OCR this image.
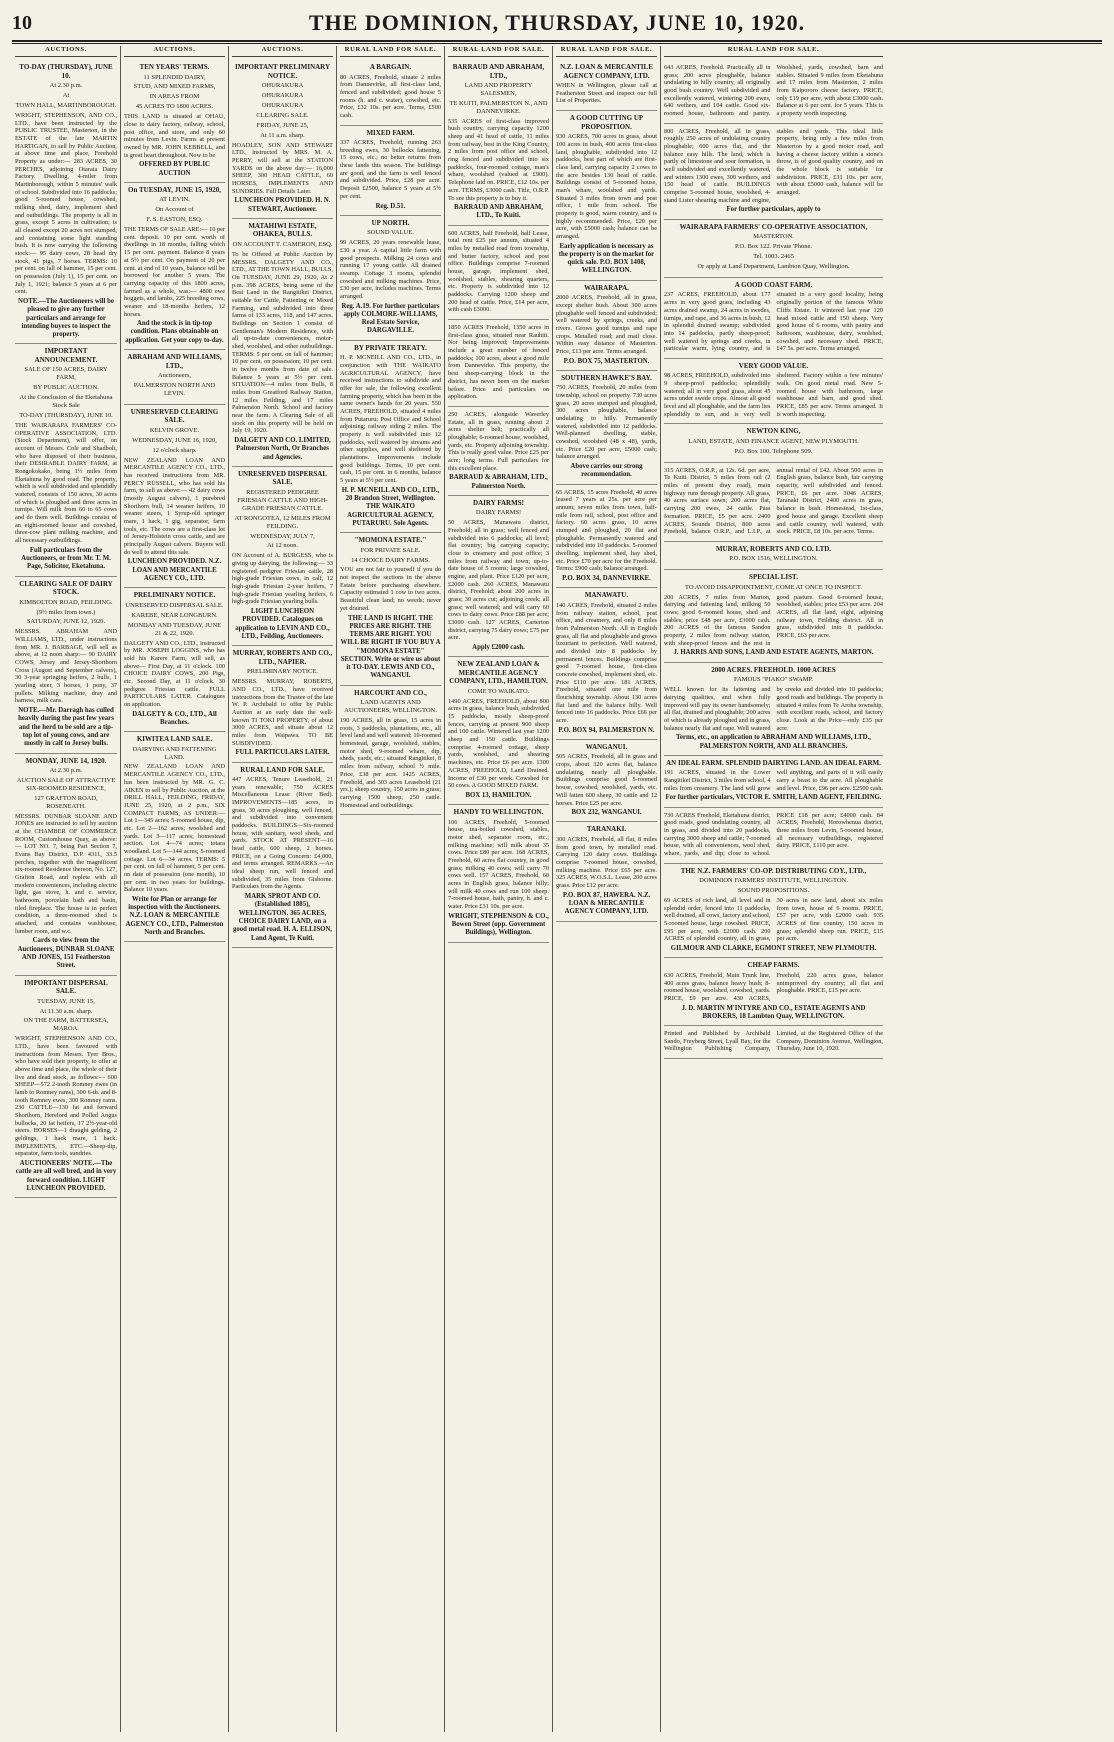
10	THE DOMINION, THURSDAY, JUNE 10, 1920.
AUCTIONS.
TO-DAY (THURSDAY), JUNE 10.
At 2.30 p.m.
At
TOWN HALL, MARTINBOROUGH.

WRIGHT, STEPHENSON, AND CO., LTD., have been instructed by the PUBLIC TRUSTEE, Masterton, in the ESTATE of the late MARTIN HARTIGAN, to sell by Public Auction, at above time and place, Freehold Property as under:— 283 ACRES, 30 PERCHES, adjoining Otaraia Dairy Factory. Dwelling, 4-miler from Martinborough, within 5 minutes' walk of school. Subdivided into 16 paddocks; good 5-roomed house, cowshed, milking shed, dairy, implement shed and outbuildings. The property is all in grass, except 5 acres in cultivation; is all cleared except 20 acres not stumped, and containing some light standing bush. It is now carrying the following stock:— 95 dairy cows, 28 head dry stock, 41 pigs, 7 horses. TERMS: 10 per cent. on fall of hammer, 15 per cent. on possession (July 1), 15 per cent. on July 1, 1921; balance 5 years at 6 per cent.

NOTE.—The Auctioneers will be pleased to give any further particulars and arrange for intending buyers to inspect the property.
IMPORTANT ANNOUNCEMENT.
SALE OF 150 ACRES, DAIRY FARM,
BY PUBLIC AUCTION.
At the Conclusion of the Eketahuna Stock Sale
TO-DAY (THURSDAY), JUNE 10.

THE WAIRARAPA FARMERS' CO-OPERATIVE ASSOCIATION, LTD. (Stock Department), will offer, on account of Messrs. Cole and Shadbolt, who have disposed of their business, their DESIRABLE DAIRY FARM, at Rongokokako, being 1½ miles from Eketahuna by good road. The property, which is well subdivided and splendidly watered, consists of 150 acres, 30 acres of which is ploughed and three acres in turnips. Will milk from 60 to 65 cows and do them well. Buildings consist of an eight-roomed house and cowshed, three-cow plant milking machine, and all necessary outbuildings.

Full particulars from the Auctioneers, or from Mr. T. M. Page, Solicitor, Eketahuna.
CLEARING SALE OF DAIRY STOCK.
KIMBOLTON ROAD, FEILDING.
(9½ miles from town.)
SATURDAY, JUNE 12, 1920.

MESSRS. ABRAHAM AND WILLIAMS, LTD., under instructions from MR. J. BARBAGE, will sell as above, at 12 noon sharp:— 90 DAIRY COWS, Jersey and Jersey-Shorthorn Cross (August and September calvers), 30 3-year springing heifers, 2 bulls, 1 yearling steer, 3 horses, 1 pony, 37 pullets. Milking machine, dray and harness, milk cans.

NOTE.—Mr. Darragh has culled heavily during the past few years and the herd to be sold are a tip-top lot of young cows, and are mostly in calf to Jersey bulls.
MONDAY, JUNE 14, 1920.
At 2.30 p.m.
AUCTION SALE OF ATTRACTIVE SIX-ROOMED RESIDENCE,
127 GRAFTON ROAD, ROSENEATH.

MESSRS. DUNBAR SLOANE AND JONES are instructed to sell by auction at the CHAMBER OF COMMERCE ROOM, Customhouse Quay, as above:— LOT NO. 7, being Part Section 7, Evans Bay District, D.P. 4311, 33.5 perches, together with the magnificent six-roomed Residence thereon, No. 127, Grafton Road, and replete with all modern conveniences, including electric light, gas stove, h. and c. service, bathroom, porcelain bath and basin, tiled fireplace. The house is in perfect condition, a three-roomed shed is attached, and contains washhouse, lumber room, and w.c.

Cards to view from the Auctioneers, DUNBAR SLOANE AND JONES, 151 Featherston Street.
IMPORTANT DISPERSAL SALE.
TUESDAY, JUNE 15,
At 11.30 a.m. sharp.
ON THE FARM, BATTERSEA, MAROA.

WRIGHT, STEPHENSON AND CO., LTD., have been favoured with instructions from Messrs. Tyer Bros., who have sold their property, to offer at above time and place, the whole of their live and dead stock, as follows:— 600 SHEEP—572 2-tooth Romney ewes (in lamb to Romney rams), 300 6-th. and 8-tooth Romney ewes, 300 Romney rams. 230 CATTLE—130 fat and forward Shorthorn, Hereford and Polled Angus bullocks, 20 fat heifers, 17 2½-year-old steers. HORSES—1 draught gelding, 2 geldings, 1 hack mare, 1 hack. IMPLEMENTS, ETC.—Sheep-dip, separator, farm tools, sundries.

AUCTIONEERS' NOTE.—The cattle are all well bred, and in very forward condition. LIGHT LUNCHEON PROVIDED.
AUCTIONS.
TEN YEARS' TERMS.
11 SPLENDID DAIRY,
STUD, AND MIXED FARMS,
IN AREAS FROM
45 ACRES TO 1800 ACRES.

THIS LAND is situated at OHAU, close to dairy factory, railway, school, post office, and store, and only 60 minutes from Levin. Farms at present owned by MR. JOHN KEBBELL, and is great heart throughout. Now to be

OFFERED BY PUBLIC AUCTION
On TUESDAY, JUNE 15, 1920,
AT LEVIN.
On Account of
F. S. EASTON, ESQ.

THE TERMS OF SALE ARE:— 10 per cent. deposit. 10 per cent. worth of dwellings in 18 months, falling which 15 per cent. payment. Balance 8 years at 5½ per cent. On payment of 20 per cent. at end of 10 years, balance will be borrowed for another 5 years. The carrying capacity of this 1800 acres, farmed as a whole, was:— 4800 ewe hoggets, and lambs, 225 breeding cows, weaner and 18-months heifers, 12 horses.

And the stock is in tip-top condition. Plans obtainable on application. Get your copy to-day.
ABRAHAM AND WILLIAMS, LTD.,
Auctioneers,
PALMERSTON NORTH AND LEVIN.
UNRESERVED CLEARING SALE.
KELVIN GROVE.
WEDNESDAY, JUNE 16, 1920,
12 o'clock sharp.

NEW ZEALAND LOAN AND MERCANTILE AGENCY CO., LTD., has received instructions from MR. PERCY RUSSELL, who has sold his farm, to sell as above:— 42 dairy cows (mostly August calvers), 1 purebred Shorthorn bull, 14 weaner heifers, 10 weaner steers, 1 Syrup-old springer mare, 1 hack, 1 gig, separator, farm tools, etc. The cows are a first-class lot of Jersey-Holstein cross cattle, and are principally August calvers. Buyers will do well to attend this sale.

LUNCHEON PROVIDED. N.Z. LOAN AND MERCANTILE AGENCY CO., LTD.
PRELIMINARY NOTICE.
UNRESERVED DISPERSAL SALE.
KAREBE, NEAR LONGBURN.
MONDAY AND TUESDAY, JUNE 21 & 22, 1920.

DALGETY AND CO., LTD., instructed by MR. JOSEPH LOGGINS, who has sold his Karere Farm, will sell, as above— First Day, at 11 o'clock. 100 CHOICE DAIRY COWS, 200 Pigs, etc. Second Day, at 11 o'clock. 30 pedigree Friesian cattle. FULL PARTICULARS LATER. Catalogues on application.

DALGETY & CO., LTD., All Branches.
KIWITEA LAND SALE.
DAIRYING AND FATTENING LAND.

NEW ZEALAND LOAN AND MERCANTILE AGENCY CO., LTD., has been instructed by MR. G. C. AIKEN to sell by Public Auction, at the DRILL HALL, FEILDING, FRIDAY, JUNE 25, 1920, at 2 p.m., SIX COMPACT FARMS, AS UNDER:— Lot 1—345 acres; 5-roomed house, dip, etc. Lot 2—162 acres; woolshed and yards. Lot 3—117 acres; homestead section. Lot 4—74 acres; totara woodland. Lot 5—144 acres; 5-roomed cottage. Lot 6—34 acres. TERMS: 5 per cent. on fall of hammer, 5 per cent. on date of possession (one month), 10 per cent. in two years for buildings. Balance 10 years.

Write for Plan or arrange for inspection with the Auctioneers. N.Z. LOAN & MERCANTILE AGENCY CO., LTD., Palmerston North and Branches.
AUCTIONS.
IMPORTANT PRELIMINARY NOTICE.
OHURAKURA
OHURAKURA
OHURAKURA
CLEARING SALE.
FRIDAY, JUNE 25,
At 11 a.m. sharp.

HOADLEY, SON AND STEWART LTD., instructed by MRS. M. A. PERRY, will sell at the STATION YARDS on the above day:— 16,000 SHEEP, 300 HEAD CATTLE, 60 HORSES, IMPLEMENTS AND SUNDRIES. Full Details Later.

LUNCHEON PROVIDED. H. N. STEWART, Auctioneer.
MATAHIWI ESTATE, OHAKEA, BULLS.
ON ACCOUNT T. CAMERON, ESQ.

To be Offered at Public Auction by MESSRS. DALGETY AND CO., LTD., AT THE TOWN HALL, BULLS, On TUESDAY, JUNE 29, 1920, At 2 p.m. 398 ACRES, being some of the Best Land in the Rangitikei District, suitable for Cattle, Fattening or Mixed Farming, and subdivided into three farms of 133 acres, 118, and 147 acres. Buildings on Section 1 consist of Gentleman's Modern Residence, with all up-to-date conveniences, motor-shed, woolshed, and other outbuildings. TERMS: 5 per cent. on fall of hammer; 10 per cent. on possession; 10 per cent. in twelve months from date of sale. Balance 5 years at 5½ per cent. SITUATION—4 miles from Bulls, 8 miles from Greatford Railway Station, 12 miles Feilding, and 17 miles Palmerston North. School and factory near the farm. A Clearing Sale of all stock on this property will be held on July 19, 1920.

DALGETY AND CO. LIMITED, Palmerston North, Or Branches and Agencies.
UNRESERVED DISPERSAL SALE.
REGISTERED PEDIGREE FRIESIAN CATTLE AND HIGH-GRADE FRIESIAN CATTLE.
AT RONGOTEA, 12 MILES FROM FEILDING.
WEDNESDAY, JULY 7,
At 12 noon.

ON Account of A. BURGESS, who is giving up dairying, the following:— 33 registered pedigree Friesian cattle, 28 high-grade Friesian cows, in calf, 12 high-grade Friesian 2-year heifers, 7 high-grade Friesian yearling heifers, 6 high-grade Friesian yearling bulls.

LIGHT LUNCHEON PROVIDED. Catalogues on application to LEVIN AND CO., LTD., Feilding, Auctioneers.
MURRAY, ROBERTS AND CO., LTD., NAPIER.
PRELIMINARY NOTICE.

MESSRS. MURRAY, ROBERTS, AND CO., LTD., have received instructions from the Trustee of the late W. P. Archibald to offer by Public Auction at an early date the well-known TI TOKI PROPERTY, of about 3000 ACRES, and situate about 12 miles from Waipawa. TO BE SUBDIVIDED.

FULL PARTICULARS LATER.
RURAL LAND FOR SALE.

447 ACRES, Tenure Leasehold, 21 years renewable; 750 ACRES Miscellaneous Lease (River Bed). IMPROVEMENTS—185 acres, in grass, 30 acres ploughing, well fenced, and subdivided into convenient paddocks. BUILDINGS—Six-roomed house, with sanitary, wool sheds, and yards. STOCK AT PRESENT—16 head cattle, 600 sheep, 2 horses. PRICE, on a Going Concern: £4,000, and terms arranged. REMARKS.—An ideal sheep run, well fenced and subdivided, 35 miles from Gisborne. Particulars from the Agents.

MARK SPROT AND CO. (Established 1885), WELLINGTON. 365 ACRES, CHOICE DAIRY LAND, on a good metal road. H. A. ELLISON, Land Agent, Te Kuiti.
RURAL LAND FOR SALE.
A BARGAIN.

80 ACRES, Freehold, situate 2 miles from Dannevirke, all first-class land, fenced and subdivided; good house 5 rooms (h. and c. water), cowshed, etc. Price, £32 10s. per acre. Terms, £500 cash.

MIXED FARM.

337 ACRES, Freehold, running 263 breeding ewes, 30 bullocks fattening, 15 cows, etc.; no better returns from these lands this season. The buildings are good, and the farm is well fenced and subdivided. Price, £28 per acre. Deposit £2500, balance 5 years at 5½ per cent.

Reg. D.51.
UP NORTH.
SOUND VALUE.

99 ACRES, 20 years renewable lease, £30 a year. A capital little farm with good prospects. Milking 24 cows and running 17 young cattle. All drained swamp. Cottage 3 rooms, splendid cowshed and milking machines. Price, £30 per acre, includes machines. Terms arranged.

Reg. A.19. For further particulars apply COLMORE-WILLIAMS, Real Estate Service, DARGAVILLE.
BY PRIVATE TREATY.

H. P. MCNEILL AND CO., LTD., in conjunction with THE WAIKATO AGRICULTURAL AGENCY, have received instructions to subdivide and offer for sale, the following excellent farming property, which has been in the same owner's hands for 20 years. 550 ACRES, FREEHOLD, situated 4 miles from Putaruru; Post Office and School adjoining; railway siding 2 miles. The property is well subdivided into 12 paddocks, well watered by streams and other supplies, and well sheltered by plantations. Improvements include good buildings. Terms, 10 per cent. cash, 15 per cent. in 6 months, balance 5 years at 5½ per cent.

H. P. MCNEILL AND CO., LTD., 20 Brandon Street, Wellington. THE WAIKATO AGRICULTURAL AGENCY, PUTARURU. Sole Agents.
"MOMONA ESTATE."
FOR PRIVATE SALE.
14 CHOICE DAIRY FARMS.

YOU are not fair to yourself if you do not inspect the sections in the above Estate before purchasing elsewhere. Capacity estimated 1 cow to two acres. Beautiful clean land; no weeds; never yet drained.

THE LAND IS RIGHT. THE PRICES ARE RIGHT. THE TERMS ARE RIGHT. YOU WILL BE RIGHT IF YOU BUY A "MOMONA ESTATE" SECTION. Write or wire us about it TO-DAY. LEWIS AND CO., WANGANUI.
HARCOURT AND CO.,
LAND AGENTS AND AUCTIONEERS, WELLINGTON.

190 ACRES, all in grass, 15 acres in roots, 3 paddocks, plantations, etc., all level land and well watered; 10-roomed homestead, garage, woolshed, stables, motor shed, 9-roomed whare, dip, sheds, yards, etc.; situated Rangitikei, 8 miles from railway, school ½ mile. Price, £38 per acre. 1425 ACRES, Freehold, and 303 acres Leasehold (21 yrs.); sheep country, 150 acres in grass; carrying 1500 sheep, 250 cattle. Homestead and outbuildings.

RURAL LAND FOR SALE.
BARRAUD AND ABRAHAM, LTD.,
LAND AND PROPERTY SALESMEN,
TE KUITI, PALMERSTON N., AND DANNEVIRKE.

535 ACRES of first-class improved bush country, carrying capacity 1200 sheep and 41 head of cattle, 11 miles from railway, best in the King Country, 2 miles from post office and school, ring fenced and subdivided into six paddocks, four-roomed cottage, man's whare, woolshed (valued at £900). Telephone laid on. PRICE, £12 10s. per acre. TERMS, £3000 cash. Title, O.R.P. To see this property is to buy it.

BARRAUD AND ABRAHAM, LTD., To Kuiti.

600 ACRES, half Freehold, half Lease, total rent £25 per annum, situated 4 miles by metalled road from township, and butter factory, school and post office. Buildings comprise 7-roomed house, garage, implement shed, woolshed, stables, shearing quarters, etc. Property is subdivided into 12 paddocks. Carrying 1200 sheep and 200 head of cattle. Price, £14 per acre, with cash £3000.

1850 ACRES Freehold, 1350 acres in first-class grass, situated near Rauhiti. Nor being improved; Improvements include a great number of fenced paddocks; 100 acres, about a good mile from Dannevirke. This property, the best sheep-carrying block in the district, has never been on the market before. Price and particulars on application.

250 ACRES, alongside Waverley Estate, all in grass, running about 2 acres shelter belt; practically all ploughable; 6-roomed house, woolshed, yards, etc. Property adjoining township. This is really good value. Price £25 per acre; long terms. Full particulars for this excellent place.

BARRAUD & ABRAHAM, LTD., Palmerston North.
DAIRY FARMS!
DAIRY FARMS!

50 ACRES, Manawatu district, Freehold; all in grass; well fenced and subdivided into 6 paddocks; all level; flat country; big carrying capacity; close to creamery and post office; 3 miles from railway and town; up-to-date house of 5 rooms; large cowshed, engine, and plant. Price £120 per acre, £2000 cash. 260 ACRES, Manawatu district, Freehold; about 200 acres in grass; 30 acres cut; adjoining creek; all grass; well watered; and will carry 60 cows to dairy cows. Price £88 per acre; £3000 cash. 127 ACRES, Carterton district, carrying 75 dairy cows; £75 per acre.

Apply £2000 cash.
NEW ZEALAND LOAN & MERCANTILE AGENCY COMPANY, LTD., HAMILTON.
COME TO WAIKATO.

1490 ACRES, FREEHOLD, about 800 acres in grass, balance bush, subdivided 15 paddocks, mostly sheep-proof fences, carrying at present 900 sheep and 100 cattle. Wintered last year 1200 sheep and 150 cattle. Buildings comprise 4-roomed cottage, sheep yards, woolshed, and shearing machines, etc. Price £6 per acre. 1300 ACRES, FREEHOLD, Land Drained. Income of £30 per week. Cowshed for 50 cows. A GOOD MIXED FARM.

BOX 13, HAMILTON.
HANDY TO WELLINGTON.

106 ACRES, Freehold, 5-roomed house, tea-boiled cowshed, stables, motor shed, separator room, etc.; milking machine; will milk about 35 cows. Price £80 per acre. 168 ACRES, Freehold, 60 acres flat country, in good grass; milking 40 cows; will carry 70 cows well. 157 ACRES, Freehold, 60 acres in English grass, balance hilly; will milk 40 cows and run 100 sheep. 7-roomed house, bath, pantry, h. and c. water. Price £31 10s. per acre.

WRIGHT, STEPHENSON & CO., Bowen Street (opp. Government Buildings), Wellington.
RURAL LAND FOR SALE.
N.Z. LOAN & MERCANTILE AGENCY COMPANY, LTD.

WHEN in Wellington, please call at Featherston Street and inspect our full List of Properties.

A GOOD CUTTING UP PROPOSITION.

930 ACRES, 700 acres in grass, about 100 acres in bush, 400 acres first-class land, ploughable, subdivided into 12 paddocks, best part of which are first-class land, carrying capacity 2 cows to the acre besides 130 head of cattle. Buildings consist of 5-roomed house, man's whare, woolshed and yards. Situated 3 miles from town and post office, 1 mile from school. The property is good, warm country, and is highly recommended. Price, £20 per acre, with £5000 cash; balance can be arranged.

Early application is necessary as the property is on the market for quick sale. P.O. BOX 1408, WELLINGTON.
WAIRARAPA.

2000 ACRES, Freehold, all in grass, except shelter bush. About 300 acres ploughable well fenced and subdivided; well watered by springs, creeks, and rivers. Grows good turnips and rape crops. Metalled road; and mail close. Within easy distance of Masterton. Price, £13 per acre. Terms arranged.

P.O. BOX 75, MASTERTON.
SOUTHERN HAWKE'S BAY.

750 ACRES, Freehold, 20 miles from township, school on property. 730 acres grass, 20 acres stumped and ploughed, 300 acres ploughable, balance undulating to hilly. Permanently watered, subdivided into 12 paddocks. Well-planned dwelling, stable, cowshed, woolshed (48 x 48), yards, etc. Price £20 per acre, £5000 cash; balance arranged.

Above carries our strong recommendation.

65 ACRES, 15 acres Freehold, 40 acres leased 7 years at 25s. per acre per annum; seven miles from town, half-mile from rail, school, post office and factory. 60 acres grass, 10 acres stumped and ploughed, 20 flat and ploughable. Permanently watered and subdivided into 10 paddocks. 5-roomed dwelling, implement shed, hay shed, etc. Price £70 per acre for the Freehold. Terms: £900 cash; balance arranged.

P.O. BOX 34, DANNEVIRKE.
MANAWATU.

140 ACRES, Freehold, situated 2 miles from railway station, school, post office, and creamery, and only 8 miles from Palmerston North. All in English grass, all flat and ploughable and grows luxuriant to perfection. Well watered, and divided into 8 paddocks by permanent fences. Buildings comprise good 7-roomed house, first-class concrete cowshed, implement shed, etc. Price £110 per acre. 181 ACRES, Freehold, situated one mile from flourishing township. About 130 acres flat land and the balance hilly. Well fenced into 16 paddocks. Price £66 per acre.

P.O. BOX 94, PALMERSTON N.
WANGANUI.

505 ACRES, Freehold, all in grass and crops, about 320 acres flat, balance undulating, nearly all ploughable. Buildings comprise good 5-roomed house, cowshed, woolshed, yards, etc. Will fatten 600 sheep, 30 cattle and 12 horses. Price £25 per acre.

BOX 232, WANGANUI.
TARANAKI.

300 ACRES, Freehold, all flat, 8 miles from good town, by metalled road. Carrying 120 dairy cows. Buildings comprise 7-roomed house, cowshed, milking machine. Price £65 per acre. 325 ACRES, W.O.S.L. Lease, 200 acres grass. Price £12 per acre.

P.O. BOX 87, HAWERA. N.Z. LOAN & MERCANTILE AGENCY COMPANY, LTD.
RURAL LAND FOR SALE.

643 ACRES, Freehold. Practically all in grass; 200 acres ploughable, balance undulating to hilly country, all originally good bush country. Well subdivided and excellently watered, wintering 200 ewes, 640 wethers, and 104 cattle. Good six-roomed house, bathroom and pantry. Woolshed, yards, cowshed, barn and stables. Situated 9 miles from Eketahuna and 17 miles from Masterton, 2 miles from Kaipororo cheese factory. PRICE, only £19 per acre, with about £3000 cash. Balance at 6 per cent. for 5 years. This is a property worth inspecting.

800 ACRES, Freehold, all in grass, roughly 250 acres of undulating country ploughable; 600 acres flat, and the balance easy hills. The land, which is partly of limestone and sour formation, is well subdivided and excellently watered, and winters 1300 ewes, 300 wethers, and 150 head of cattle. BUILDINGS comprise 5-roomed house, woolshed, 4-stand Lister shearing machine and engine, stables and yards. This ideal little property, being only a few miles from Masterton by a good motor road, and having a cheese factory within a stone's throw, is of good quality country, and on the whole block is suitable for subdivision. PRICE, £31 10s. per acre, with about £5000 cash, balance will be arranged.

For further particulars, apply to
WAIRARAPA FARMERS' CO-OPERATIVE ASSOCIATION,
MASTERTON.
P.O. Box 122. Private 'Phone.
Tel. 1003. 2465
Or apply at Land Department, Lambton Quay, Wellington.
A GOOD COAST FARM.

237 ACRES, FREEHOLD, about 177 acres in very good grass, including 43 acres drained swamp, 24 acres in swedes, turnips, and rape, and 36 acres in bush, 12 in splendid drained swamp; subdivided into 14 paddocks, partly sheep-proof; well watered by springs and creeks, in particular warm, lying country, and is situated in a very good locality, being originally portion of the famous White Cliffs Estate. It wintered last year 120 head mixed cattle and 150 sheep. Very good house of 6 rooms, with pantry and bathroom, washhouse, dairy, woolshed, cowshed, and necessary shed. PRICE, £47 5s. per acre. Terms arranged.

VERY GOOD VALUE.

98 ACRES, FREEHOLD, subdivided into 9 sheep-proof paddocks; splendidly watered; all in very good grass, about 45 acres under swede crops. Almost all good level and all ploughable, and the farm lies splendidly to sun, and is very well sheltered. Factory within a few minutes' walk. On good metal road. New 5-roomed house with bathroom, large washhouse and barn, and good shed. PRICE, £85 per acre. Terms arranged. It is worth inspecting.

NEWTON KING,
LAND, ESTATE, AND FINANCE AGENT, NEW PLYMOUTH.
P.O. Box 100. Telephone 509.

315 ACRES, O.R.P., at 12s. 6d. per acre, Te Kuiti District, 5 miles from rail (2 miles of present dray road), main highway runs through property. All grass, 40 acres surface sown; 200 acres flat, carrying 200 ewes, 24 cattle. Pass formation. PRICE, £5 per acre. 2400 ACRES, Sounds District, 800 acres Freehold, balance O.R.P., and L.I.P., at annual rental of £42. About 500 acres in English grass, balance bush, fair carrying capacity, well subdivided and fenced. PRICE, £6 per acre. 3046 ACRES, Taranaki District, 2400 acres in grass, balance in bush. Homestead, 1st-class, good house and garage. Excellent sheep and cattle country, well watered, with stock. PRICE, £8 10s. per acre. Terms.

MURRAY, ROBERTS AND CO. LTD.
P.O. BOX 1516, WELLINGTON.
SPECIAL LIST.
TO AVOID DISAPPOINTMENT, COME AT ONCE TO INSPECT.

200 ACRES, 7 miles from Marton, dairying and fattening land, milking 50 cows; good 6-roomed house, shed and stables; price £48 per acre, £3000 cash. 200 ACRES of the famous Sandon property, 2 miles from railway station, with sheep-proof fences and the rest in good pasture. Good 6-roomed house, woolshed, stables; price £53 per acre. 204 ACRES, all flat land, eight, adjoining railway town, Feilding district. All in grass, subdivided into 8 paddocks. PRICE, £63 per acre.

J. HARRIS AND SONS, LAND AND ESTATE AGENTS, MARTON.
2000 ACRES. FREEHOLD. 1000 ACRES
FAMOUS "PIAKO" SWAMP.

WELL known for its fattening and dairying qualities, and when fully improved will pay its owner handsomely; all flat, drained and ploughable; 200 acres of which is already ploughed and in grass, balance nearly flat and rape. Well watered by creeks and divided into 10 paddocks; good roads and buildings. The property is situated 4 miles from Te Aroha township, with excellent roads, school, and factory close. Look at the Price—only £35 per acre.

Terms, etc., on application to ABRAHAM AND WILLIAMS, LTD., PALMERSTON NORTH, AND ALL BRANCHES.
AN IDEAL FARM. SPLENDID DAIRYING LAND. AN IDEAL FARM.

191 ACRES, situated in the Lower Rangitikei District, 3 miles from school, 4 miles from creamery. The land will grow well anything, and parts of it will easily carry a beast to the acre. All ploughable and level. Price, £96 per acre. £2500 cash.

For further particulars, VICTOR E. SMITH, LAND AGENT, FEILDING.

730 ACRES Freehold, Eketahuna district, good roads, good undulating country, all in grass, and divided into 20 paddocks, carrying 3000 sheep and cattle; 7-roomed house, with all conveniences, wool shed, whare, yards, and dip; close to school. PRICE £18 per acre; £4000 cash. 84 ACRES, Freehold, Horowhenua district, three miles from Levin, 5-roomed house, all necessary outbuildings, registered dairy. PRICE, £110 per acre.

THE N.Z. FARMERS' CO-OP. DISTRIBUTING COY., LTD.,
DOMINION FARMERS' INSTITUTE, WELLINGTON.
SOUND PROPOSITIONS.

69 ACRES of rich land, all level and in splendid order, fenced into 11 paddocks, well drained, all cows, factory and school, 5-roomed house, large cowshed. PRICE, £95 per acre, with £2000 cash. 200 ACRES of splendid country, all in grass, 30 acres in new land, about six miles from town, house of 6 rooms. PRICE, £57 per acre, with £2000 cash. 935 ACRES of fine country, 150 acres in grass; splendid sheep run. PRICE, £15 per acre.

GILMOUR AND CLARKE, EGMONT STREET, NEW PLYMOUTH.
CHEAP FARMS.

630 ACRES, Freehold, Main Trunk line, 400 acres grass, balance heavy bush; 8-roomed house, woolshed, cowshed, yards. PRICE, £9 per acre. 430 ACRES, Freehold, 220 acres grass, balance unimproved dry country; all flat and ploughable. PRICE, £15 per acre.

J. D. MARTIN M'INTYRE AND CO., ESTATE AGENTS AND BROKERS, 18 Lambton Quay, WELLINGTON.

Printed and Published by Archibald Sando, Freyberg Street, Lyall Bay, for the Wellington Publishing Company, Limited, at the Registered Office of the Company, Dominion Avenue, Wellington, Thursday, June 10, 1920.
